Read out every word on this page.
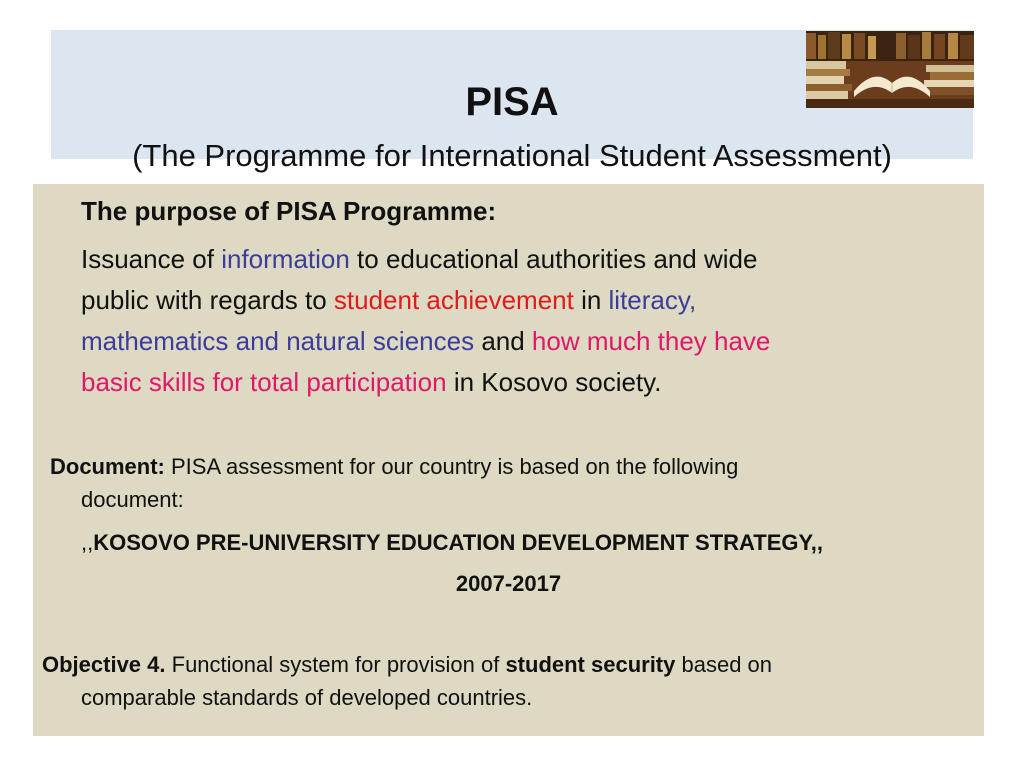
PISA
(The Programme for International Student Assessment)
The purpose of PISA Programme:
Issuance of information to educational authorities and wide
public with regards to student achievement in literacy,
mathematics and natural sciences and how much they have
basic skills for total participation in Kosovo society.
Document: PISA assessment for our country is based on the following
document:
,,KOSOVO PRE-UNIVERSITY EDUCATION DEVELOPMENT STRATEGY,,
2007-2017
Objective 4. Functional system for provision of student security based on
comparable standards of developed countries.
